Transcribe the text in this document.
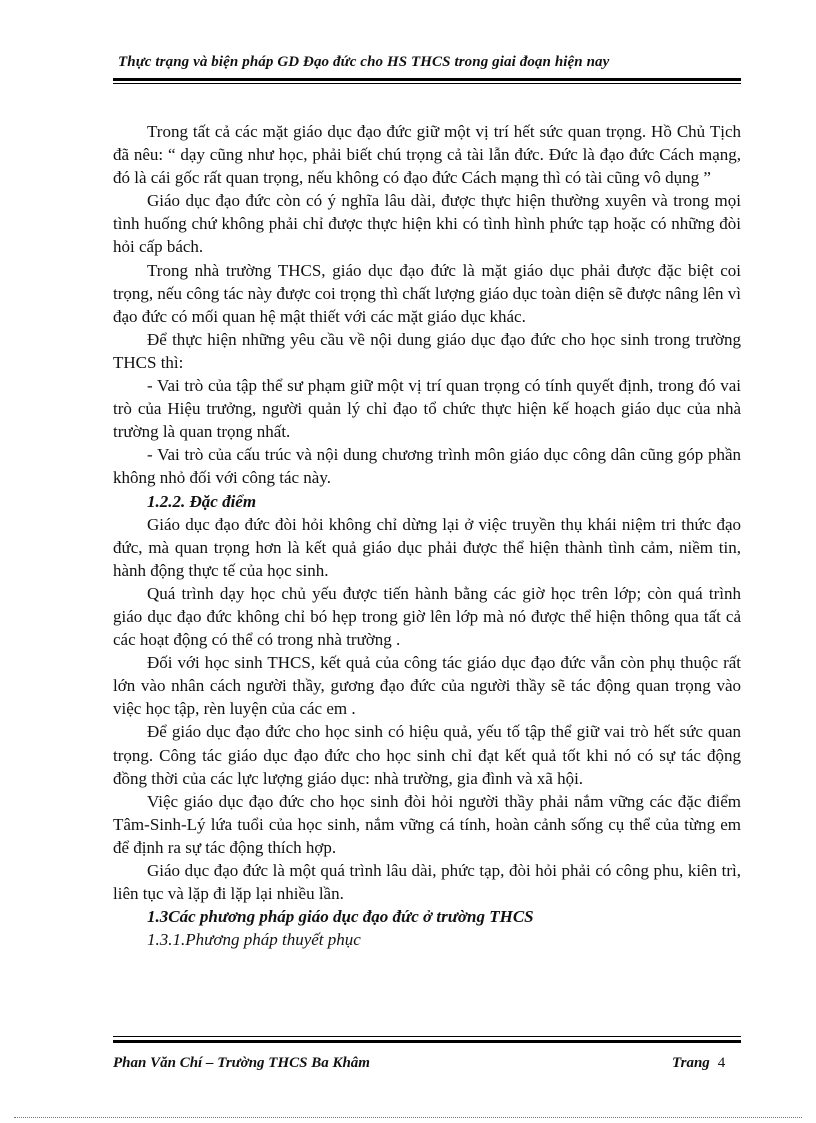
Thực trạng và biện pháp GD Đạo đức cho HS THCS trong giai đoạn hiện nay

Trong tất cả các mặt giáo dục đạo đức giữ một vị trí hết sức quan trọng. Hồ Chủ Tịch đã nêu: “ dạy cũng như học, phải biết chú trọng cả tài lẫn đức. Đức là đạo đức Cách mạng, đó là cái gốc rất quan trọng, nếu không có đạo đức Cách mạng thì có tài cũng vô dụng ”

Giáo dục đạo đức còn có ý nghĩa lâu dài, được thực hiện thường xuyên và trong mọi tình huống chứ không phải chỉ được thực hiện khi có tình hình phức tạp hoặc có những đòi hỏi cấp bách.

Trong nhà trường THCS, giáo dục đạo đức là mặt giáo dục phải được đặc biệt coi trọng, nếu công tác này được coi trọng thì chất lượng giáo dục toàn diện sẽ được nâng lên vì đạo đức có mối quan hệ mật thiết với các mặt giáo dục khác.

Để thực hiện những yêu cầu về nội dung giáo dục đạo đức cho học sinh trong trường THCS thì:

- Vai trò của tập thể sư phạm giữ một vị trí quan trọng có tính quyết định, trong đó vai trò của Hiệu trưởng, người quản lý chỉ đạo tổ chức thực hiện kế hoạch giáo dục của nhà trường là quan trọng nhất.

- Vai trò của cấu trúc và nội dung chương trình môn giáo dục công dân cũng góp phần không nhỏ đối với công tác này.

1.2.2. Đặc điểm

Giáo dục đạo đức đòi hỏi không chỉ dừng lại ở việc truyền thụ khái niệm tri thức đạo đức, mà quan trọng hơn là kết quả giáo dục phải được thể hiện thành tình cảm, niềm tin, hành động thực tế của học sinh.

Quá trình dạy học chủ yếu được tiến hành bằng các giờ học trên lớp; còn quá trình giáo dục đạo đức không chỉ bó hẹp trong giờ lên lớp mà nó được thể hiện thông qua tất cả các hoạt động có thể có trong nhà trường .

Đối với học sinh THCS, kết quả của công tác giáo dục đạo đức vẫn còn phụ thuộc rất lớn vào nhân cách người thầy, gương đạo đức của người thầy sẽ tác động quan trọng vào việc học tập, rèn luyện của các em .

Để giáo dục đạo đức cho học sinh có hiệu quả, yếu tố tập thể giữ vai trò hết sức quan trọng. Công tác giáo dục đạo đức cho học sinh chỉ đạt kết quả tốt khi nó có sự tác động đồng thời của các lực lượng giáo dục: nhà trường, gia đình và xã hội.

Việc giáo dục đạo đức cho học sinh đòi hỏi người thầy phải nắm vững các đặc điểm Tâm-Sinh-Lý lứa tuổi của học sinh, nắm vững cá tính, hoàn cảnh sống cụ thể của từng em để định ra sự tác động thích hợp.

Giáo dục đạo đức là một quá trình lâu dài, phức tạp, đòi hỏi phải có công phu, kiên trì, liên tục và lặp đi lặp lại nhiều lần.

1.3Các phương pháp giáo dục đạo đức ở trường THCS
1.3.1.Phương pháp thuyết phục
Phan Văn Chí – Trường THCS Ba Khâm	Trang 4
